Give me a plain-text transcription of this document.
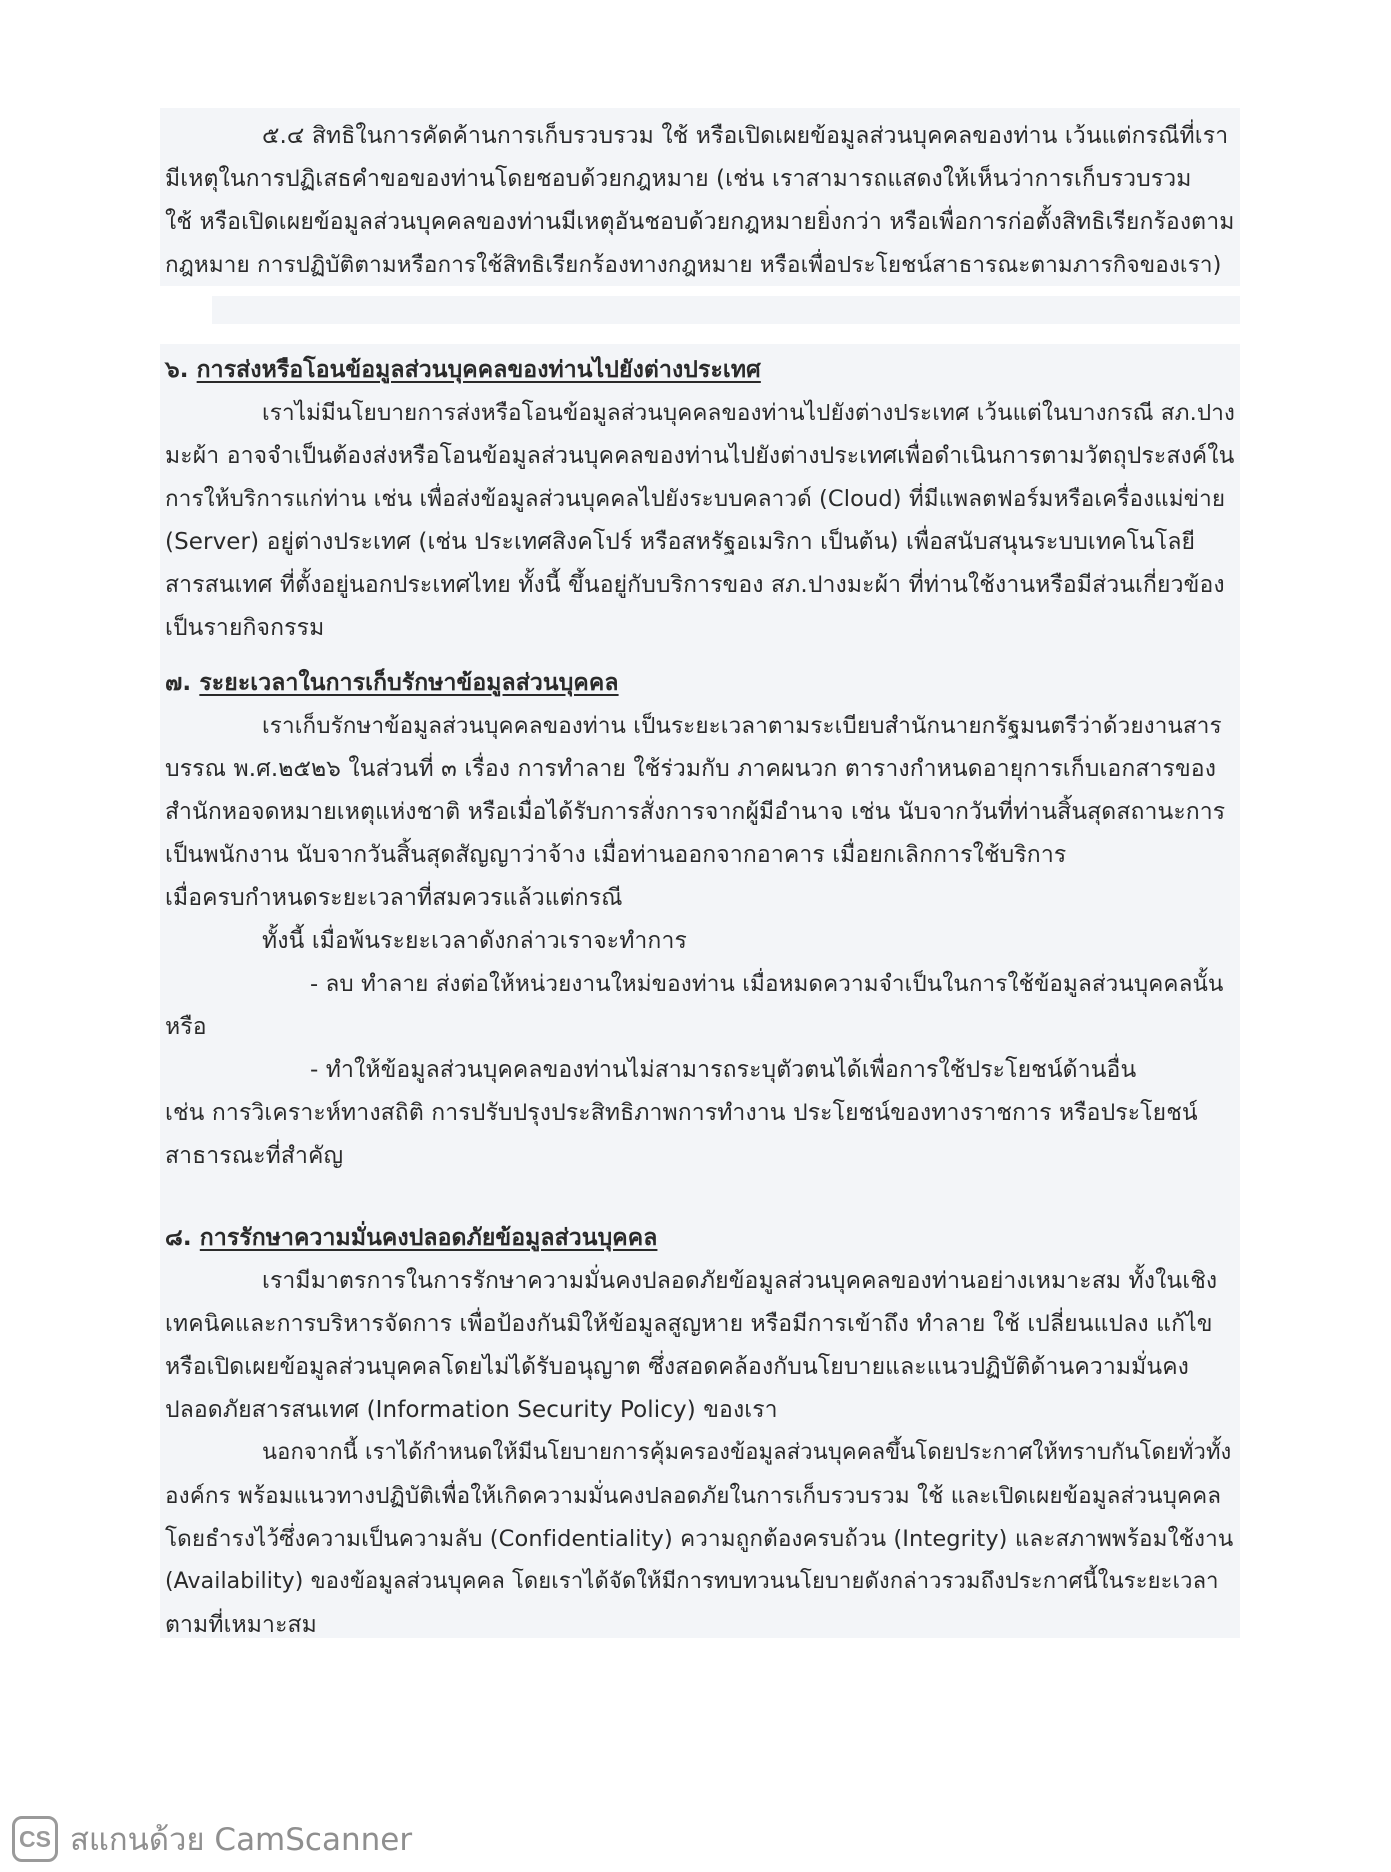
๕.๔ สิทธิในการคัดค้านการเก็บรวบรวม ใช้ หรือเปิดเผยข้อมูลส่วนบุคคลของท่าน เว้นแต่กรณีที่เรา
มีเหตุในการปฏิเสธคำขอของท่านโดยชอบด้วยกฎหมาย (เช่น เราสามารถแสดงให้เห็นว่าการเก็บรวบรวม
ใช้ หรือเปิดเผยข้อมูลส่วนบุคคลของท่านมีเหตุอันชอบด้วยกฎหมายยิ่งกว่า หรือเพื่อการก่อตั้งสิทธิเรียกร้องตาม
กฎหมาย การปฏิบัติตามหรือการใช้สิทธิเรียกร้องทางกฎหมาย หรือเพื่อประโยชน์สาธารณะตามภารกิจของเรา)
๖. การส่งหรือโอนข้อมูลส่วนบุคคลของท่านไปยังต่างประเทศ
เราไม่มีนโยบายการส่งหรือโอนข้อมูลส่วนบุคคลของท่านไปยังต่างประเทศ เว้นแต่ในบางกรณี สภ.ปาง
มะผ้า อาจจำเป็นต้องส่งหรือโอนข้อมูลส่วนบุคคลของท่านไปยังต่างประเทศเพื่อดำเนินการตามวัตถุประสงค์ใน
การให้บริการแก่ท่าน เช่น เพื่อส่งข้อมูลส่วนบุคคลไปยังระบบคลาวด์ (Cloud) ที่มีแพลตฟอร์มหรือเครื่องแม่ข่าย
(Server) อยู่ต่างประเทศ (เช่น ประเทศสิงคโปร์ หรือสหรัฐอเมริกา เป็นต้น) เพื่อสนับสนุนระบบเทคโนโลยี
สารสนเทศ ที่ตั้งอยู่นอกประเทศไทย ทั้งนี้ ขึ้นอยู่กับบริการของ สภ.ปางมะผ้า ที่ท่านใช้งานหรือมีส่วนเกี่ยวข้อง
เป็นรายกิจกรรม
๗. ระยะเวลาในการเก็บรักษาข้อมูลส่วนบุคคล
เราเก็บรักษาข้อมูลส่วนบุคคลของท่าน เป็นระยะเวลาตามระเบียบสำนักนายกรัฐมนตรีว่าด้วยงานสาร
บรรณ พ.ศ.๒๕๒๖ ในส่วนที่ ๓ เรื่อง การทำลาย ใช้ร่วมกับ ภาคผนวก ตารางกำหนดอายุการเก็บเอกสารของ
สำนักหอจดหมายเหตุแห่งชาติ หรือเมื่อได้รับการสั่งการจากผู้มีอำนาจ เช่น นับจากวันที่ท่านสิ้นสุดสถานะการ
เป็นพนักงาน นับจากวันสิ้นสุดสัญญาว่าจ้าง เมื่อท่านออกจากอาคาร เมื่อยกเลิกการใช้บริการ
เมื่อครบกำหนดระยะเวลาที่สมควรแล้วแต่กรณี
ทั้งนี้ เมื่อพ้นระยะเวลาดังกล่าวเราจะทำการ
- ลบ ทำลาย ส่งต่อให้หน่วยงานใหม่ของท่าน เมื่อหมดความจำเป็นในการใช้ข้อมูลส่วนบุคคลนั้น
หรือ
- ทำให้ข้อมูลส่วนบุคคลของท่านไม่สามารถระบุตัวตนได้เพื่อการใช้ประโยชน์ด้านอื่น
เช่น การวิเคราะห์ทางสถิติ การปรับปรุงประสิทธิภาพการทำงาน ประโยชน์ของทางราชการ หรือประโยชน์
สาธารณะที่สำคัญ
๘. การรักษาความมั่นคงปลอดภัยข้อมูลส่วนบุคคล
เรามีมาตรการในการรักษาความมั่นคงปลอดภัยข้อมูลส่วนบุคคลของท่านอย่างเหมาะสม ทั้งในเชิง
เทคนิคและการบริหารจัดการ เพื่อป้องกันมิให้ข้อมูลสูญหาย หรือมีการเข้าถึง ทำลาย ใช้ เปลี่ยนแปลง แก้ไข
หรือเปิดเผยข้อมูลส่วนบุคคลโดยไม่ได้รับอนุญาต ซึ่งสอดคล้องกับนโยบายและแนวปฏิบัติด้านความมั่นคง
ปลอดภัยสารสนเทศ (Information Security Policy) ของเรา
นอกจากนี้ เราได้กำหนดให้มีนโยบายการคุ้มครองข้อมูลส่วนบุคคลขึ้นโดยประกาศให้ทราบกันโดยทั่วทั้ง
องค์กร พร้อมแนวทางปฏิบัติเพื่อให้เกิดความมั่นคงปลอดภัยในการเก็บรวบรวม ใช้ และเปิดเผยข้อมูลส่วนบุคคล
โดยธำรงไว้ซึ่งความเป็นความลับ (Confidentiality) ความถูกต้องครบถ้วน (Integrity) และสภาพพร้อมใช้งาน
(Availability) ของข้อมูลส่วนบุคคล โดยเราได้จัดให้มีการทบทวนนโยบายดังกล่าวรวมถึงประกาศนี้ในระยะเวลา
ตามที่เหมาะสม
CS สแกนด้วย CamScanner
